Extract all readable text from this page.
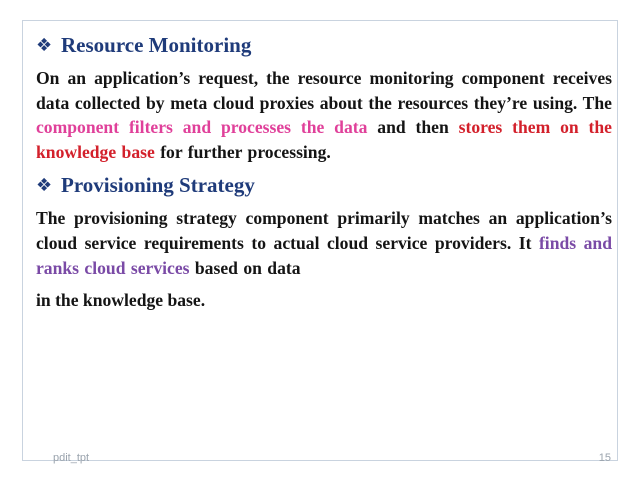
❖ Resource Monitoring
On an application’s request, the resource monitoring component receives data collected by meta cloud proxies about the resources they’re using. The component filters and processes the data and then stores them on the knowledge base for further processing.
❖ Provisioning Strategy
The provisioning strategy component primarily matches an application’s cloud service requirements to actual cloud service providers. It finds and ranks cloud services based on data
in the knowledge base.
pdit_tpt	15
